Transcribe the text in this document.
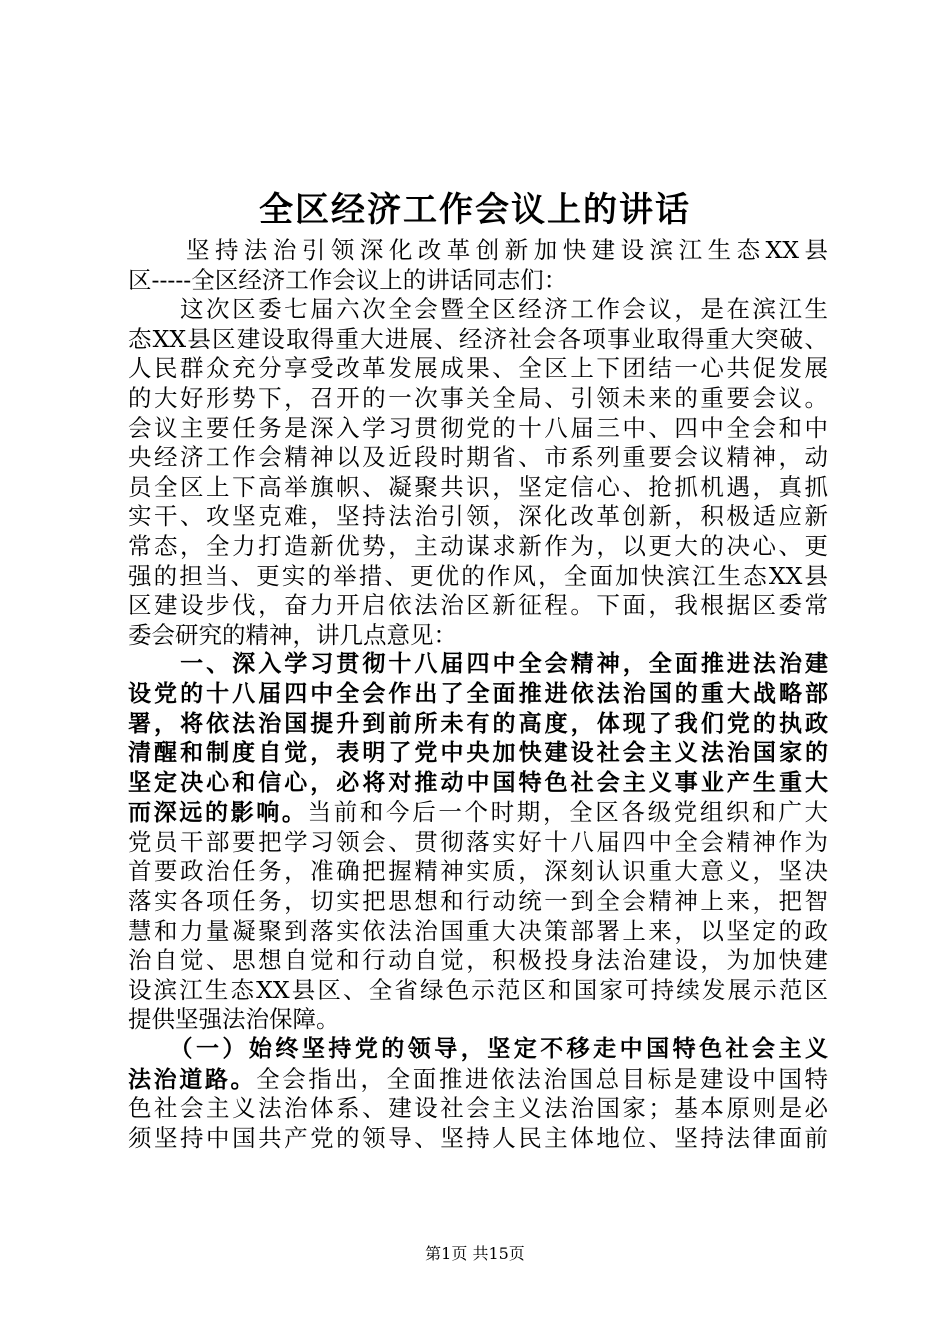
全区经济工作会议上的讲话
　　坚持法治引领深化改革创新加快建设滨江生态XX县
区-----全区经济工作会议上的讲话同志们：
　　这次区委七届六次全会暨全区经济工作会议，是在滨江生
态XX县区建设取得重大进展、经济社会各项事业取得重大突破、
人民群众充分享受改革发展成果、全区上下团结一心共促发展
的大好形势下，召开的一次事关全局、引领未来的重要会议。
会议主要任务是深入学习贯彻党的十八届三中、四中全会和中
央经济工作会精神以及近段时期省、市系列重要会议精神，动
员全区上下高举旗帜、凝聚共识，坚定信心、抢抓机遇，真抓
实干、攻坚克难，坚持法治引领，深化改革创新，积极适应新
常态，全力打造新优势，主动谋求新作为，以更大的决心、更
强的担当、更实的举措、更优的作风，全面加快滨江生态XX县
区建设步伐，奋力开启依法治区新征程。下面，我根据区委常
委会研究的精神，讲几点意见：
　　一、深入学习贯彻十八届四中全会精神，全面推进法治建
设党的十八届四中全会作出了全面推进依法治国的重大战略部
署，将依法治国提升到前所未有的高度，体现了我们党的执政
清醒和制度自觉，表明了党中央加快建设社会主义法治国家的
坚定决心和信心，必将对推动中国特色社会主义事业产生重大
而深远的影响。当前和今后一个时期，全区各级党组织和广大
党员干部要把学习领会、贯彻落实好十八届四中全会精神作为
首要政治任务，准确把握精神实质，深刻认识重大意义，坚决
落实各项任务，切实把思想和行动统一到全会精神上来，把智
慧和力量凝聚到落实依法治国重大决策部署上来，以坚定的政
治自觉、思想自觉和行动自觉，积极投身法治建设，为加快建
设滨江生态XX县区、全省绿色示范区和国家可持续发展示范区
提供坚强法治保障。
　　（一）始终坚持党的领导，坚定不移走中国特色社会主义
法治道路。全会指出，全面推进依法治国总目标是建设中国特
色社会主义法治体系、建设社会主义法治国家；基本原则是必
须坚持中国共产党的领导、坚持人民主体地位、坚持法律面前
第1页 共15页
